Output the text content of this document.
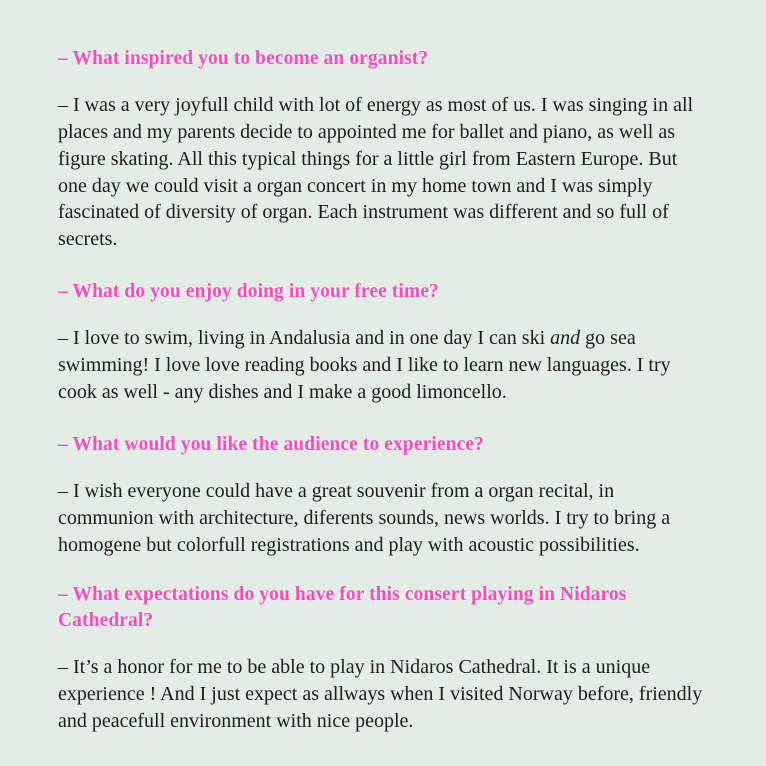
– What inspired you to become an organist?

– I was a very joyfull child with lot of energy as most of us. I was singing in all places and my parents decide to appointed me for ballet and piano, as well as figure skating. All this typical things for a little girl from Eastern Europe. But one day we could visit a organ concert in my home town and I was simply fascinated of diversity of organ. Each instrument was different and so full of secrets.

– What do you enjoy doing in your free time?

– I love to swim, living in Andalusia and in one day I can ski and go sea swimming! I love love reading books and I like to learn new languages. I try cook as well - any dishes and I make a good limoncello.

– What would you like the audience to experience?

– I wish everyone could have a great souvenir from a organ recital, in communion with architecture, diferents sounds, news worlds. I try to bring a homogene but colorfull registrations and play with acoustic possibilities.

– What expectations do you have for this consert playing in Nidaros Cathedral?

– It’s a honor for me to be able to play in Nidaros Cathedral. It is a unique experience ! And I just expect as allways when I visited Norway before, friendly and peacefull environment with nice people.
